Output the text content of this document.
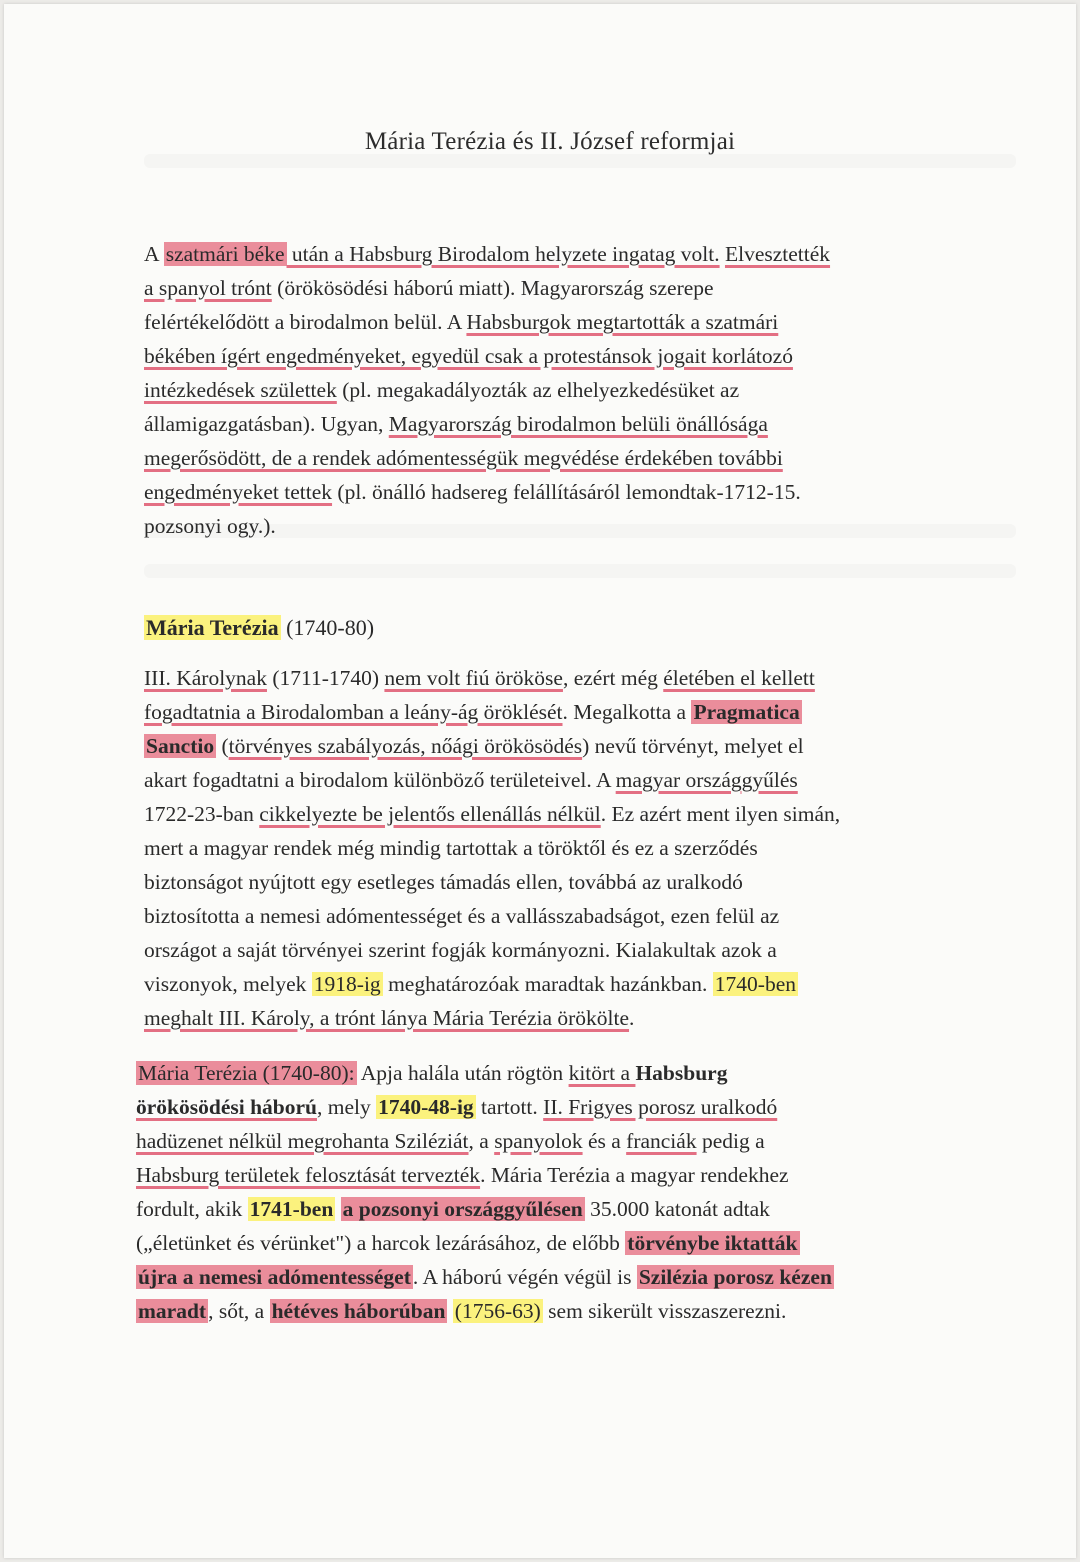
Mária Terézia és II. József reformjai
A szatmári béke után a Habsburg Birodalom helyzete ingatag volt. Elvesztették
a spanyol trónt (örökösödési háború miatt). Magyarország szerepe
felértékelődött a birodalmon belül. A Habsburgok megtartották a szatmári
békében ígért engedményeket, egyedül csak a protestánsok jogait korlátozó
intézkedések születtek (pl. megakadályozták az elhelyezkedésüket az
államigazgatásban). Ugyan, Magyarország birodalmon belüli önállósága
megerősödött, de a rendek adómentességük megvédése érdekében további
engedményeket tettek (pl. önálló hadsereg felállításáról lemondtak-1712-15.
pozsonyi ogy.).
Mária Terézia (1740-80)
III. Károlynak (1711-1740) nem volt fiú örököse, ezért még életében el kellett
fogadtatnia a Birodalomban a leány-ág öröklését. Megalkotta a Pragmatica
Sanctio (törvényes szabályozás, nőági örökösödés) nevű törvényt, melyet el
akart fogadtatni a birodalom különböző területeivel. A magyar országgyűlés
1722-23-ban cikkelyezte be jelentős ellenállás nélkül. Ez azért ment ilyen simán,
mert a magyar rendek még mindig tartottak a töröktől és ez a szerződés
biztonságot nyújtott egy esetleges támadás ellen, továbbá az uralkodó
biztosította a nemesi adómentességet és a vallásszabadságot, ezen felül az
országot a saját törvényei szerint fogják kormányozni. Kialakultak azok a
viszonyok, melyek 1918-ig meghatározóak maradtak hazánkban. 1740-ben
meghalt III. Károly, a trónt lánya Mária Terézia örökölte.
Mária Terézia (1740-80): Apja halála után rögtön kitört a Habsburg
örökösödési háború, mely 1740-48-ig tartott. II. Frigyes porosz uralkodó
hadüzenet nélkül megrohanta Sziléziát, a spanyolok és a franciák pedig a
Habsburg területek felosztását tervezték. Mária Terézia a magyar rendekhez
fordult, akik 1741-ben a pozsonyi országgyűlésen 35.000 katonát adtak
(„életünket és vérünket") a harcok lezárásához, de előbb törvénybe iktatták
újra a nemesi adómentességet. A háború végén végül is Szilézia porosz kézen
maradt, sőt, a hétéves háborúban (1756-63) sem sikerült visszaszerezni.
